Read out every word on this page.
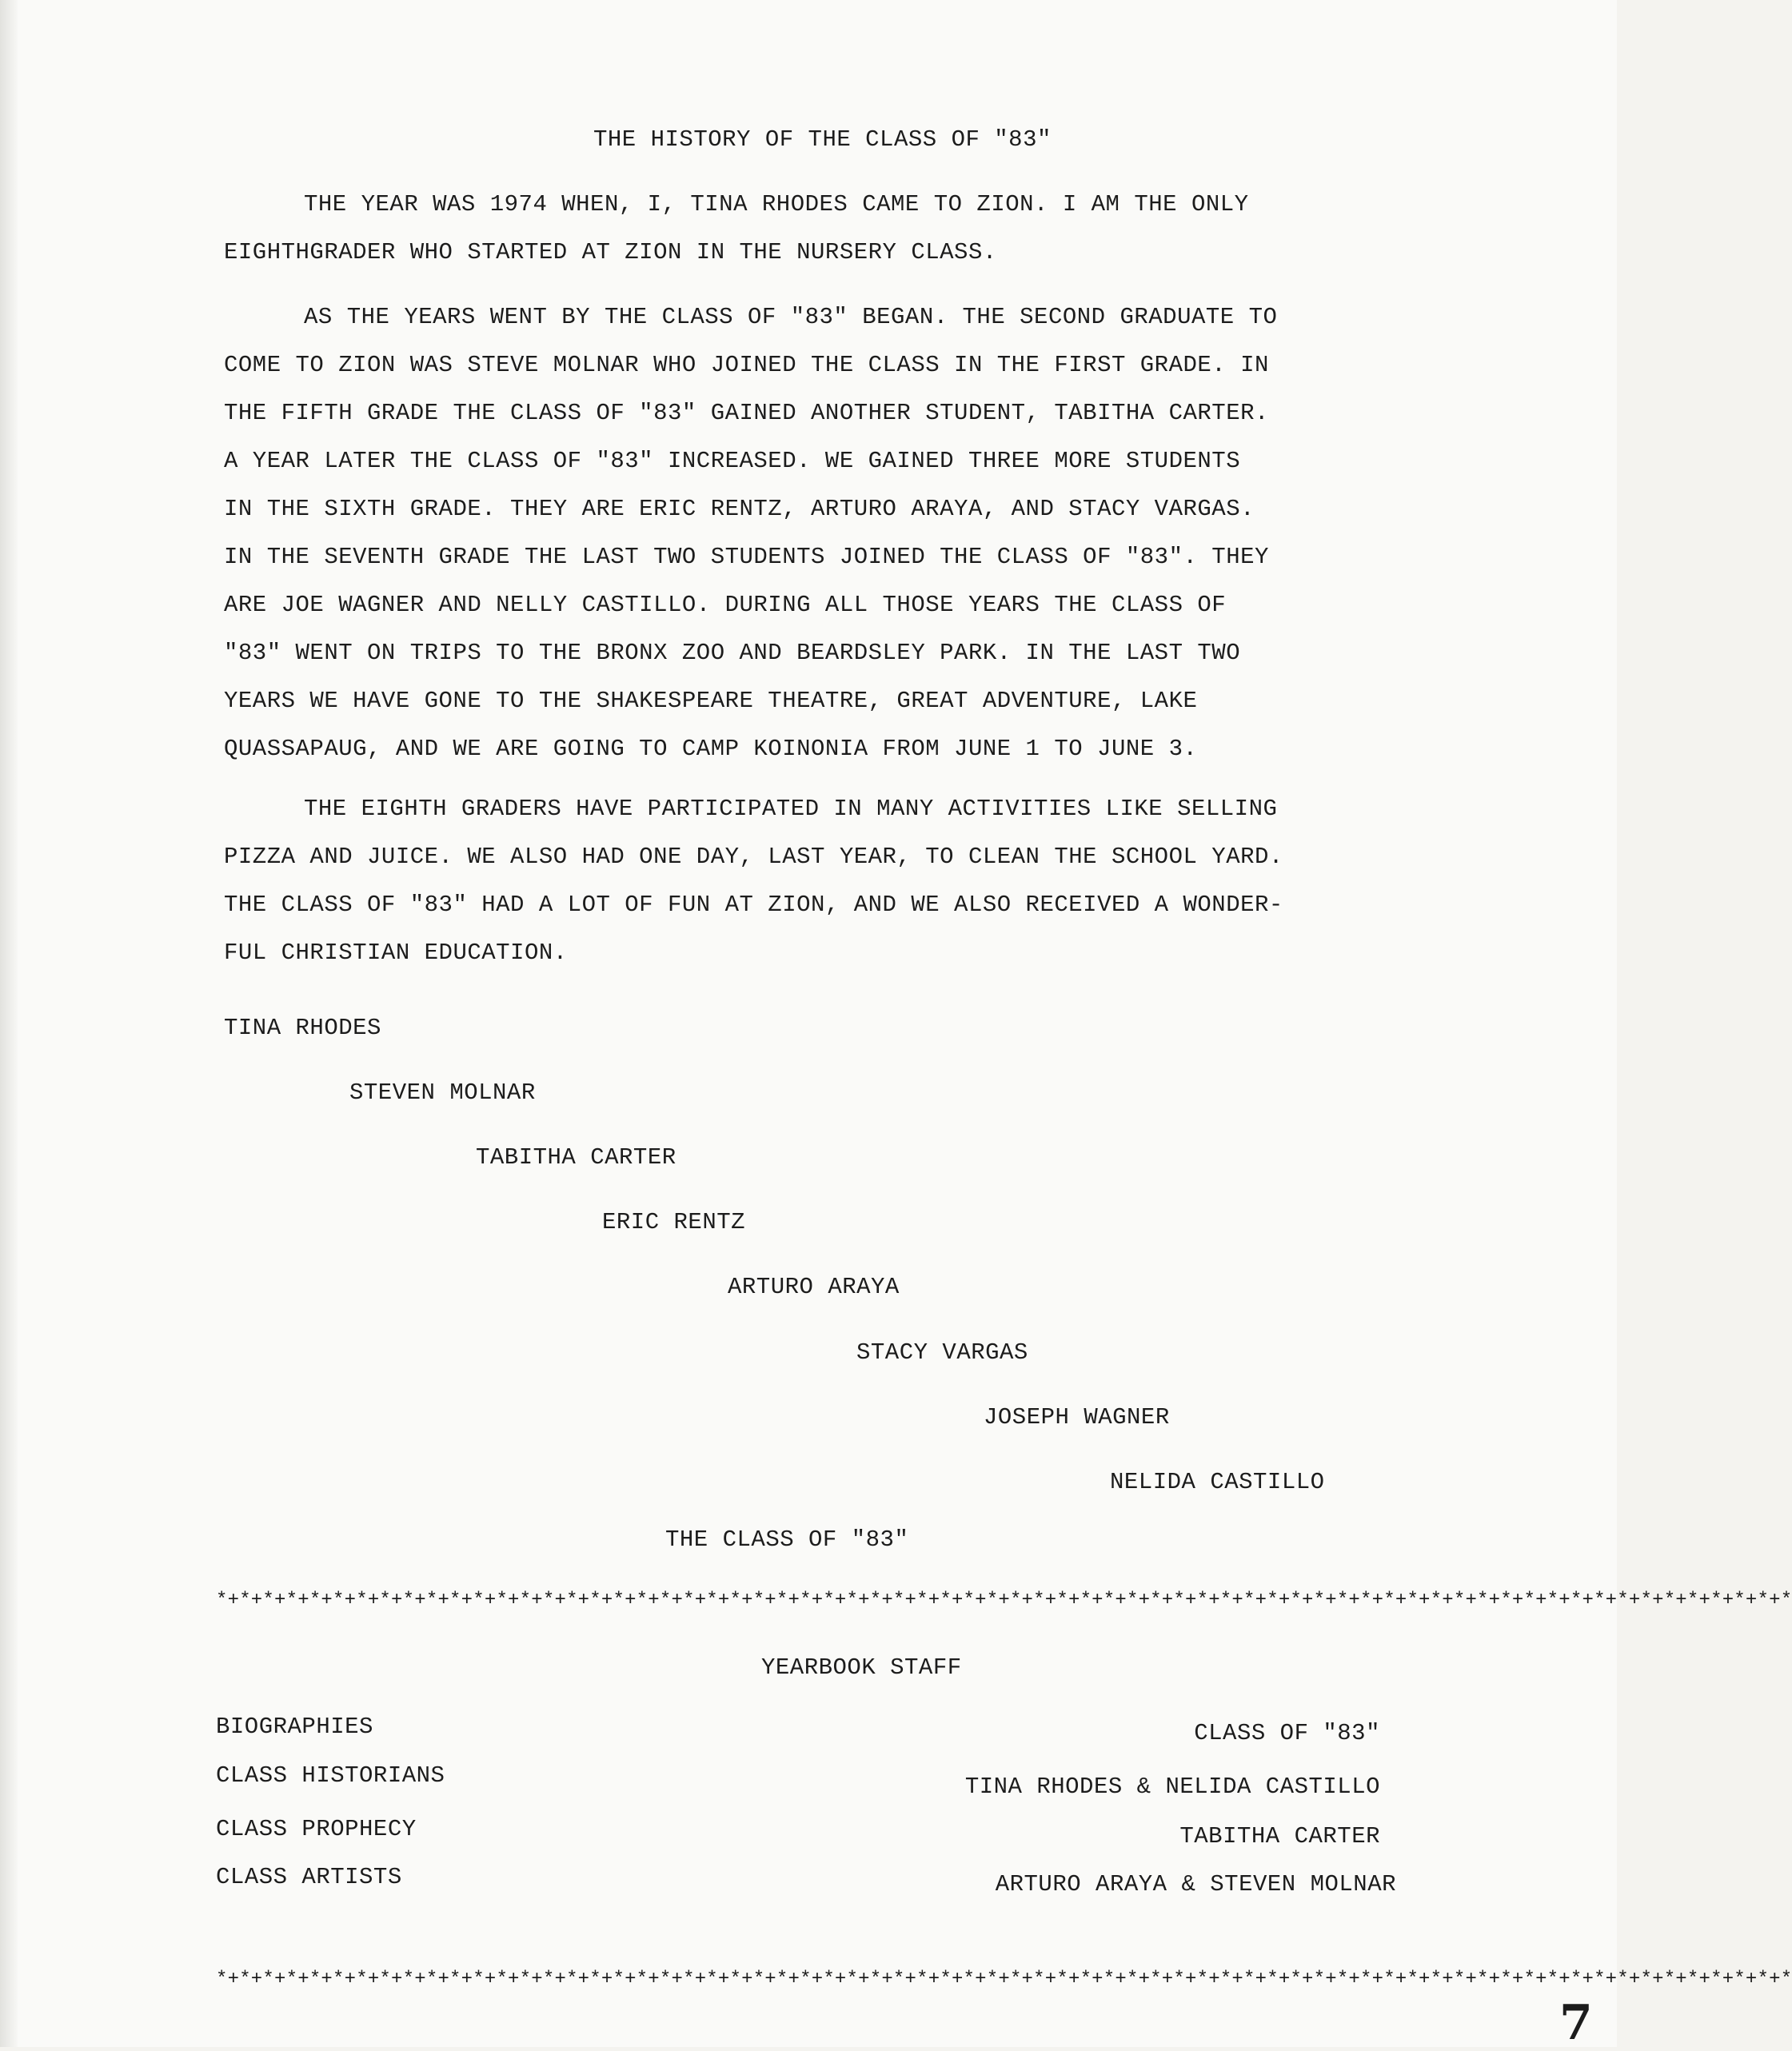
THE HISTORY OF THE CLASS OF "83"
THE YEAR WAS 1974 WHEN, I, TINA RHODES CAME TO ZION. I AM THE ONLY
EIGHTHGRADER WHO STARTED AT ZION IN THE NURSERY CLASS.
AS THE YEARS WENT BY THE CLASS OF "83" BEGAN. THE SECOND GRADUATE TO
COME TO ZION WAS STEVE MOLNAR WHO JOINED THE CLASS IN THE FIRST GRADE. IN
THE FIFTH GRADE THE CLASS OF "83" GAINED ANOTHER STUDENT, TABITHA CARTER.
A YEAR LATER THE CLASS OF "83" INCREASED. WE GAINED THREE MORE STUDENTS
IN THE SIXTH GRADE. THEY ARE ERIC RENTZ, ARTURO ARAYA, AND STACY VARGAS.
IN THE SEVENTH GRADE THE LAST TWO STUDENTS JOINED THE CLASS OF "83". THEY
ARE JOE WAGNER AND NELLY CASTILLO. DURING ALL THOSE YEARS THE CLASS OF
"83" WENT ON TRIPS TO THE BRONX ZOO AND BEARDSLEY PARK. IN THE LAST TWO
YEARS WE HAVE GONE TO THE SHAKESPEARE THEATRE, GREAT ADVENTURE, LAKE
QUASSAPAUG, AND WE ARE GOING TO CAMP KOINONIA FROM JUNE 1 TO JUNE 3.
THE EIGHTH GRADERS HAVE PARTICIPATED IN MANY ACTIVITIES LIKE SELLING
PIZZA AND JUICE. WE ALSO HAD ONE DAY, LAST YEAR, TO CLEAN THE SCHOOL YARD.
THE CLASS OF "83" HAD A LOT OF FUN AT ZION, AND WE ALSO RECEIVED A WONDER-
FUL CHRISTIAN EDUCATION.
TINA RHODES
STEVEN MOLNAR
TABITHA CARTER
ERIC RENTZ
ARTURO ARAYA
STACY VARGAS
JOSEPH WAGNER
NELIDA CASTILLO
THE CLASS OF "83"
*+*+*+*+*+*+*+*+*+*+*+*+*+*+*+*+*+*+*+*+*+*+*+*+*+*+*+*+*+*+*+*+*+*+*+*+*+*+*+*+*+*+*+*+*+*+*+*+*+*+*+*+*+*+*+*+*+*+*+*+*+*+*+*+*+*+*+*
YEARBOOK STAFF
BIOGRAPHIES
CLASS HISTORIANS
CLASS PROPHECY
CLASS ARTISTS
CLASS OF "83"
TINA RHODES & NELIDA CASTILLO
TABITHA CARTER
ARTURO ARAYA & STEVEN MOLNAR
*+*+*+*+*+*+*+*+*+*+*+*+*+*+*+*+*+*+*+*+*+*+*+*+*+*+*+*+*+*+*+*+*+*+*+*+*+*+*+*+*+*+*+*+*+*+*+*+*+*+*+*+*+*+*+*+*+*+*+*+*+*+*+*+*+*+*+*
7
